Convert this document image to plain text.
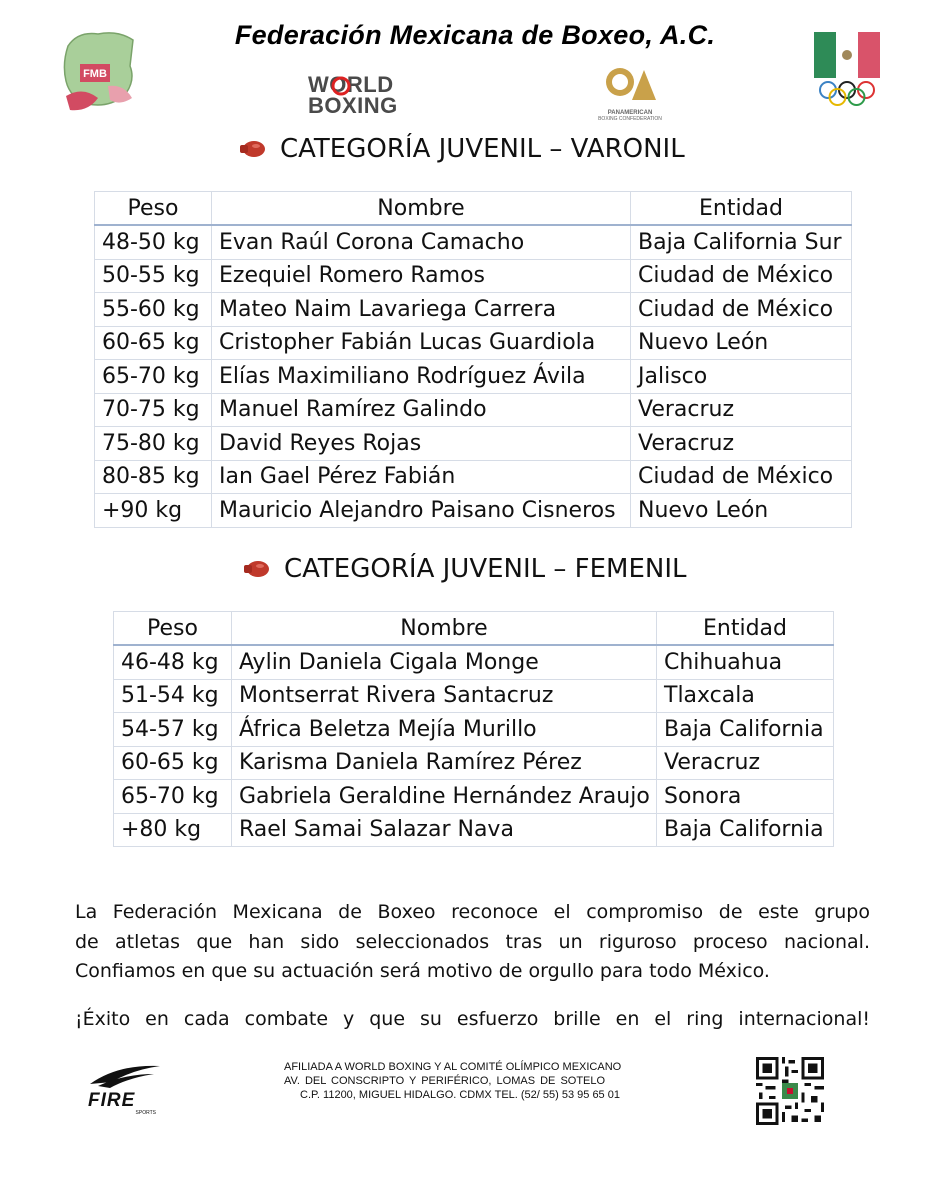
Federación Mexicana de Boxeo, A.C.
FMB	WORLD
BOXING	PANAMERICAN
BOXING CONFEDERATION
CATEGORÍA JUVENIL – VARONIL
Peso	Nombre	Entidad
48-50 kg	Evan Raúl Corona Camacho	Baja California Sur
50-55 kg	Ezequiel Romero Ramos	Ciudad de México
55-60 kg	Mateo Naim Lavariega Carrera	Ciudad de México
60-65 kg	Cristopher Fabián Lucas Guardiola	Nuevo León
65-70 kg	Elías Maximiliano Rodríguez Ávila	Jalisco
70-75 kg	Manuel Ramírez Galindo	Veracruz
75-80 kg	David Reyes Rojas	Veracruz
80-85 kg	Ian Gael Pérez Fabián	Ciudad de México
+90 kg	Mauricio Alejandro Paisano Cisneros	Nuevo León
CATEGORÍA JUVENIL – FEMENIL
Peso	Nombre	Entidad
46-48 kg	Aylin Daniela Cigala Monge	Chihuahua
51-54 kg	Montserrat Rivera Santacruz	Tlaxcala
54-57 kg	África Beletza Mejía Murillo	Baja California
60-65 kg	Karisma Daniela Ramírez Pérez	Veracruz
65-70 kg	Gabriela Geraldine Hernández Araujo	Sonora
+80 kg	Rael Samai Salazar Nava	Baja California
La Federación Mexicana de Boxeo reconoce el compromiso de este grupo
de atletas que han sido seleccionados tras un riguroso proceso nacional.
Confiamos en que su actuación será motivo de orgullo para todo México.
¡Éxito en cada combate y que su esfuerzo brille en el ring internacional!
FIRE
SPORTS
AFILIADA A WORLD BOXING Y AL COMITÉ OLÍMPICO MEXICANO
AV. DEL CONSCRIPTO Y PERIFÉRICO, LOMAS DE SOTELO
C.P. 11200, MIGUEL HIDALGO. CDMX TEL. (52/ 55) 53 95 65 01
